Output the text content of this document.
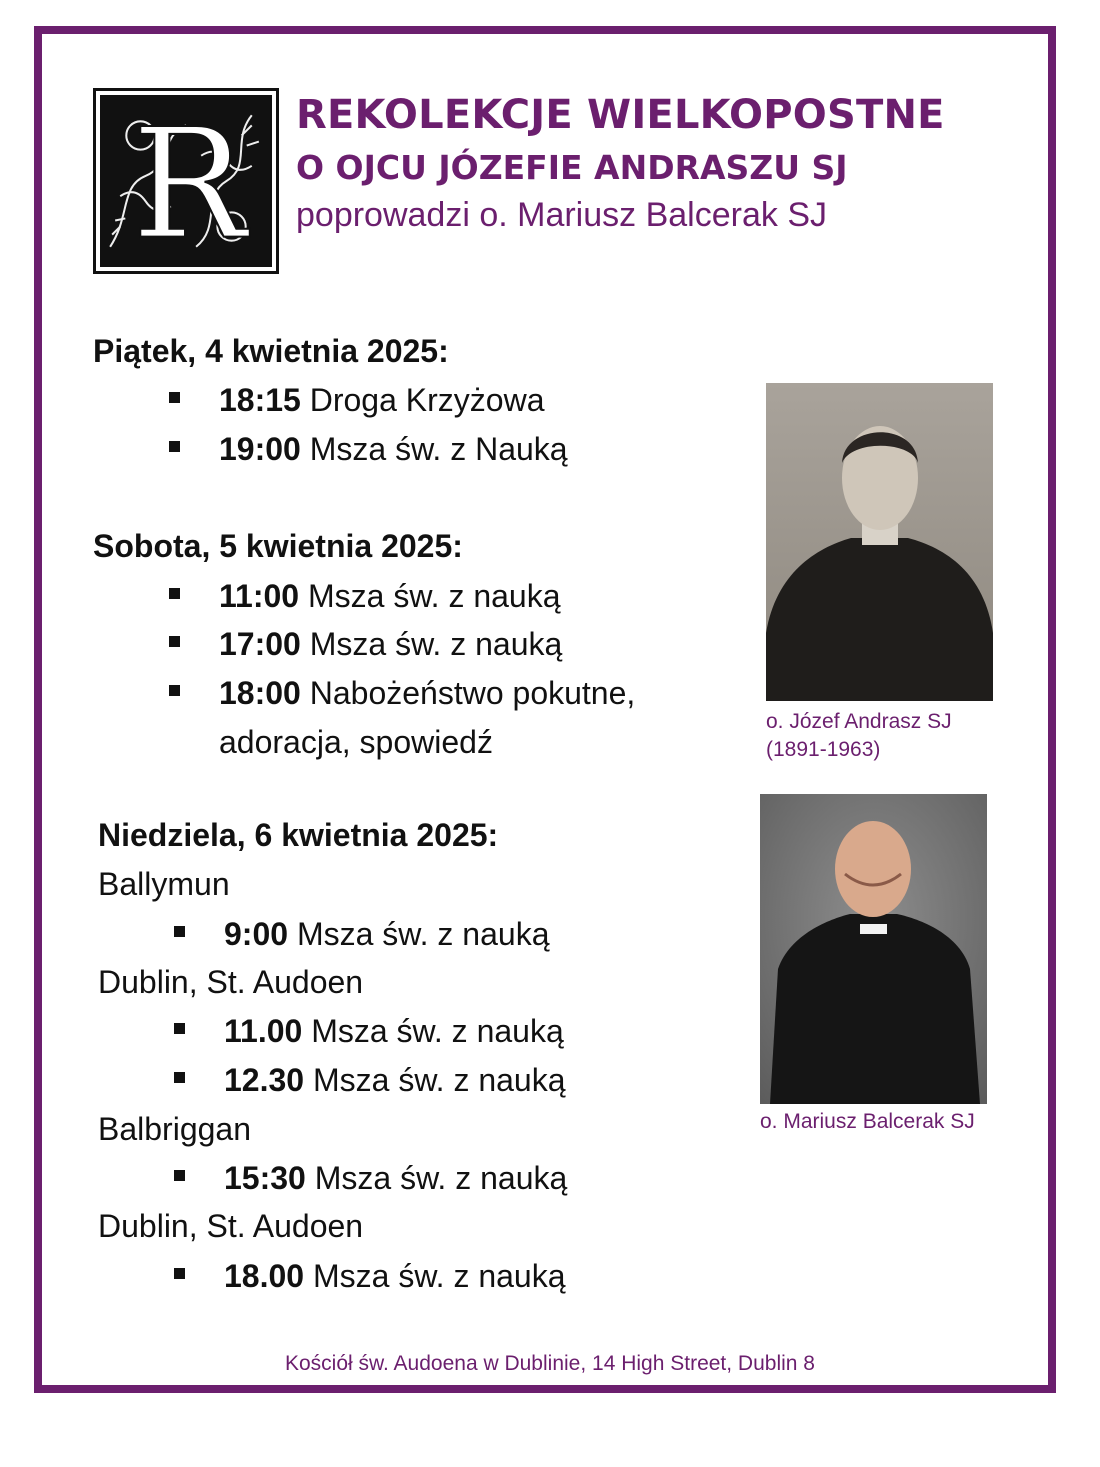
R REKOLEKCJE WIELKOPOSTNE
O OJCU JÓZEFIE ANDRASZU SJ
poprowadzi o. Mariusz Balcerak SJ
Piątek, 4 kwietnia 2025:
18:15 Droga Krzyżowa
19:00 Msza św. z Nauką
Sobota, 5 kwietnia 2025:
11:00 Msza św. z nauką
17:00 Msza św. z nauką
18:00 Nabożeństwo pokutne,
adoracja, spowiedź
Niedziela, 6 kwietnia 2025:
Ballymun
9:00 Msza św. z nauką
Dublin, St. Audoen
11.00 Msza św. z nauką
12.30 Msza św. z nauką
Balbriggan
15:30 Msza św. z nauką
Dublin, St. Audoen
18.00 Msza św. z nauką
o. Józef Andrasz SJ
(1891-1963)
o. Mariusz Balcerak SJ
Kościół św. Audoena w Dublinie, 14 High Street, Dublin 8
